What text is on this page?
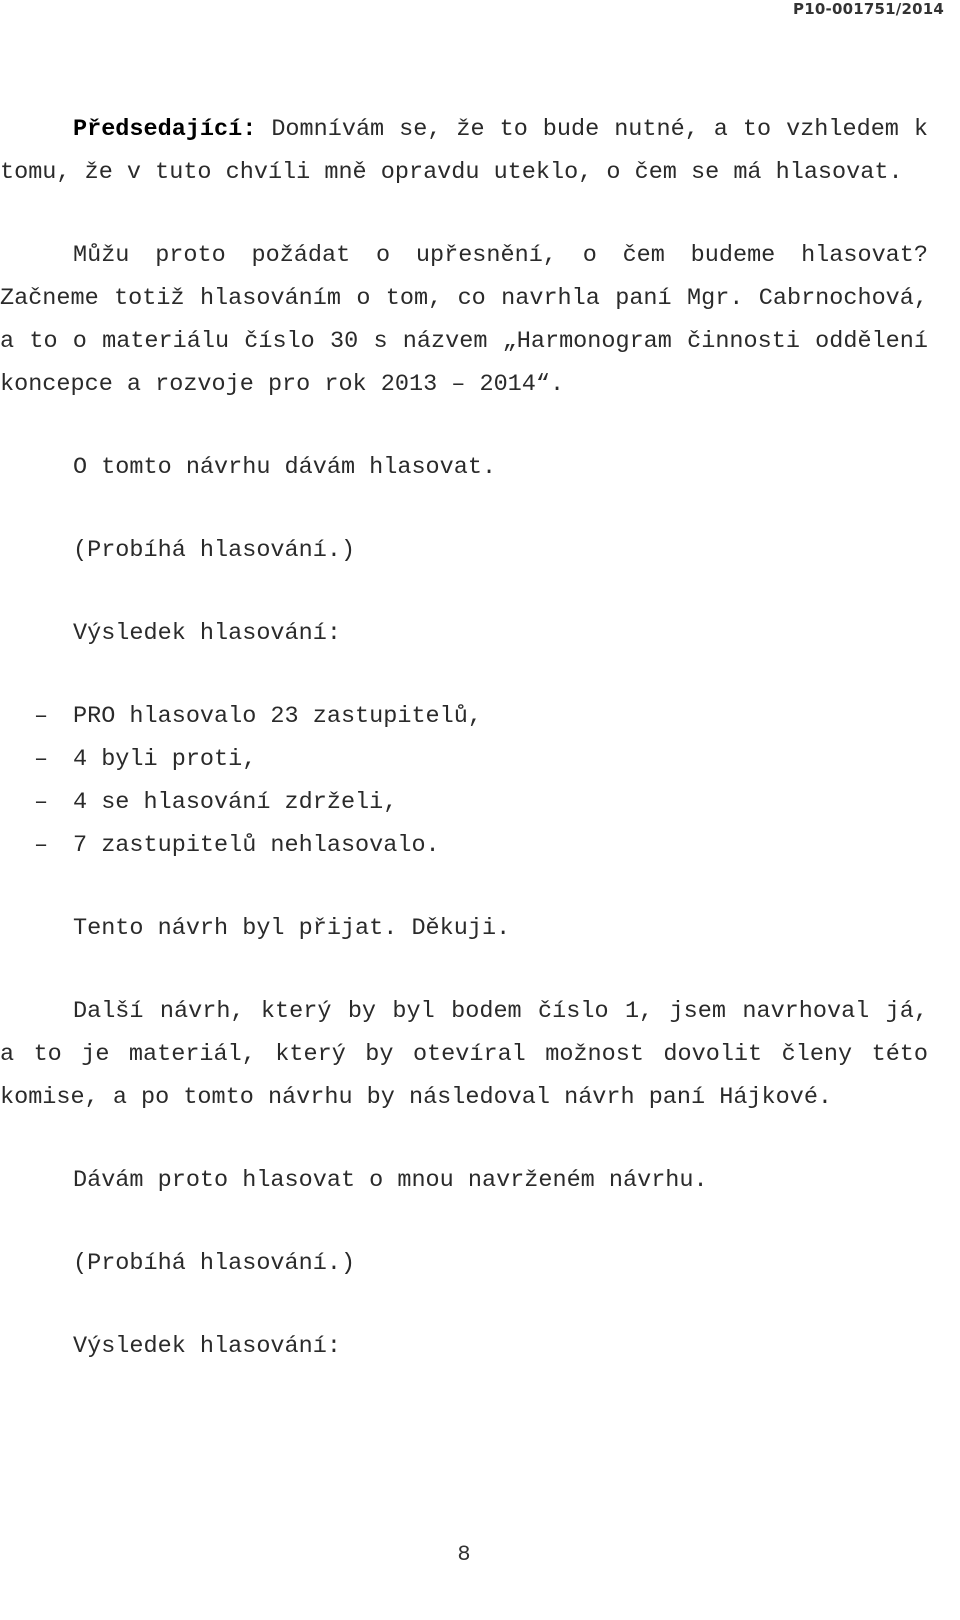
P10-001751/2014

Předsedající: Domnívám se, že to bude nutné, a to vzhledem k tomu, že v tuto chvíli mně opravdu uteklo, o čem se má hlasovat.

Můžu proto požádat o upřesnění, o čem budeme hlasovat? Začneme totiž hlasováním o tom, co navrhla paní Mgr. Cabrnochová, a to o materiálu číslo 30 s názvem „Harmonogram činnosti oddělení koncepce a rozvoje pro rok 2013 – 2014“.

O tomto návrhu dávám hlasovat.

(Probíhá hlasování.)

Výsledek hlasování:

– PRO hlasovalo 23 zastupitelů,

– 4 byli proti,

– 4 se hlasování zdrželi,

– 7 zastupitelů nehlasovalo.

Tento návrh byl přijat. Děkuji.

Další návrh, který by byl bodem číslo 1, jsem navrhoval já, a to je materiál, který by otevíral možnost dovolit členy této komise, a po tomto návrhu by následoval návrh paní Hájkové.

Dávám proto hlasovat o mnou navrženém návrhu.

(Probíhá hlasování.)

Výsledek hlasování:

8
